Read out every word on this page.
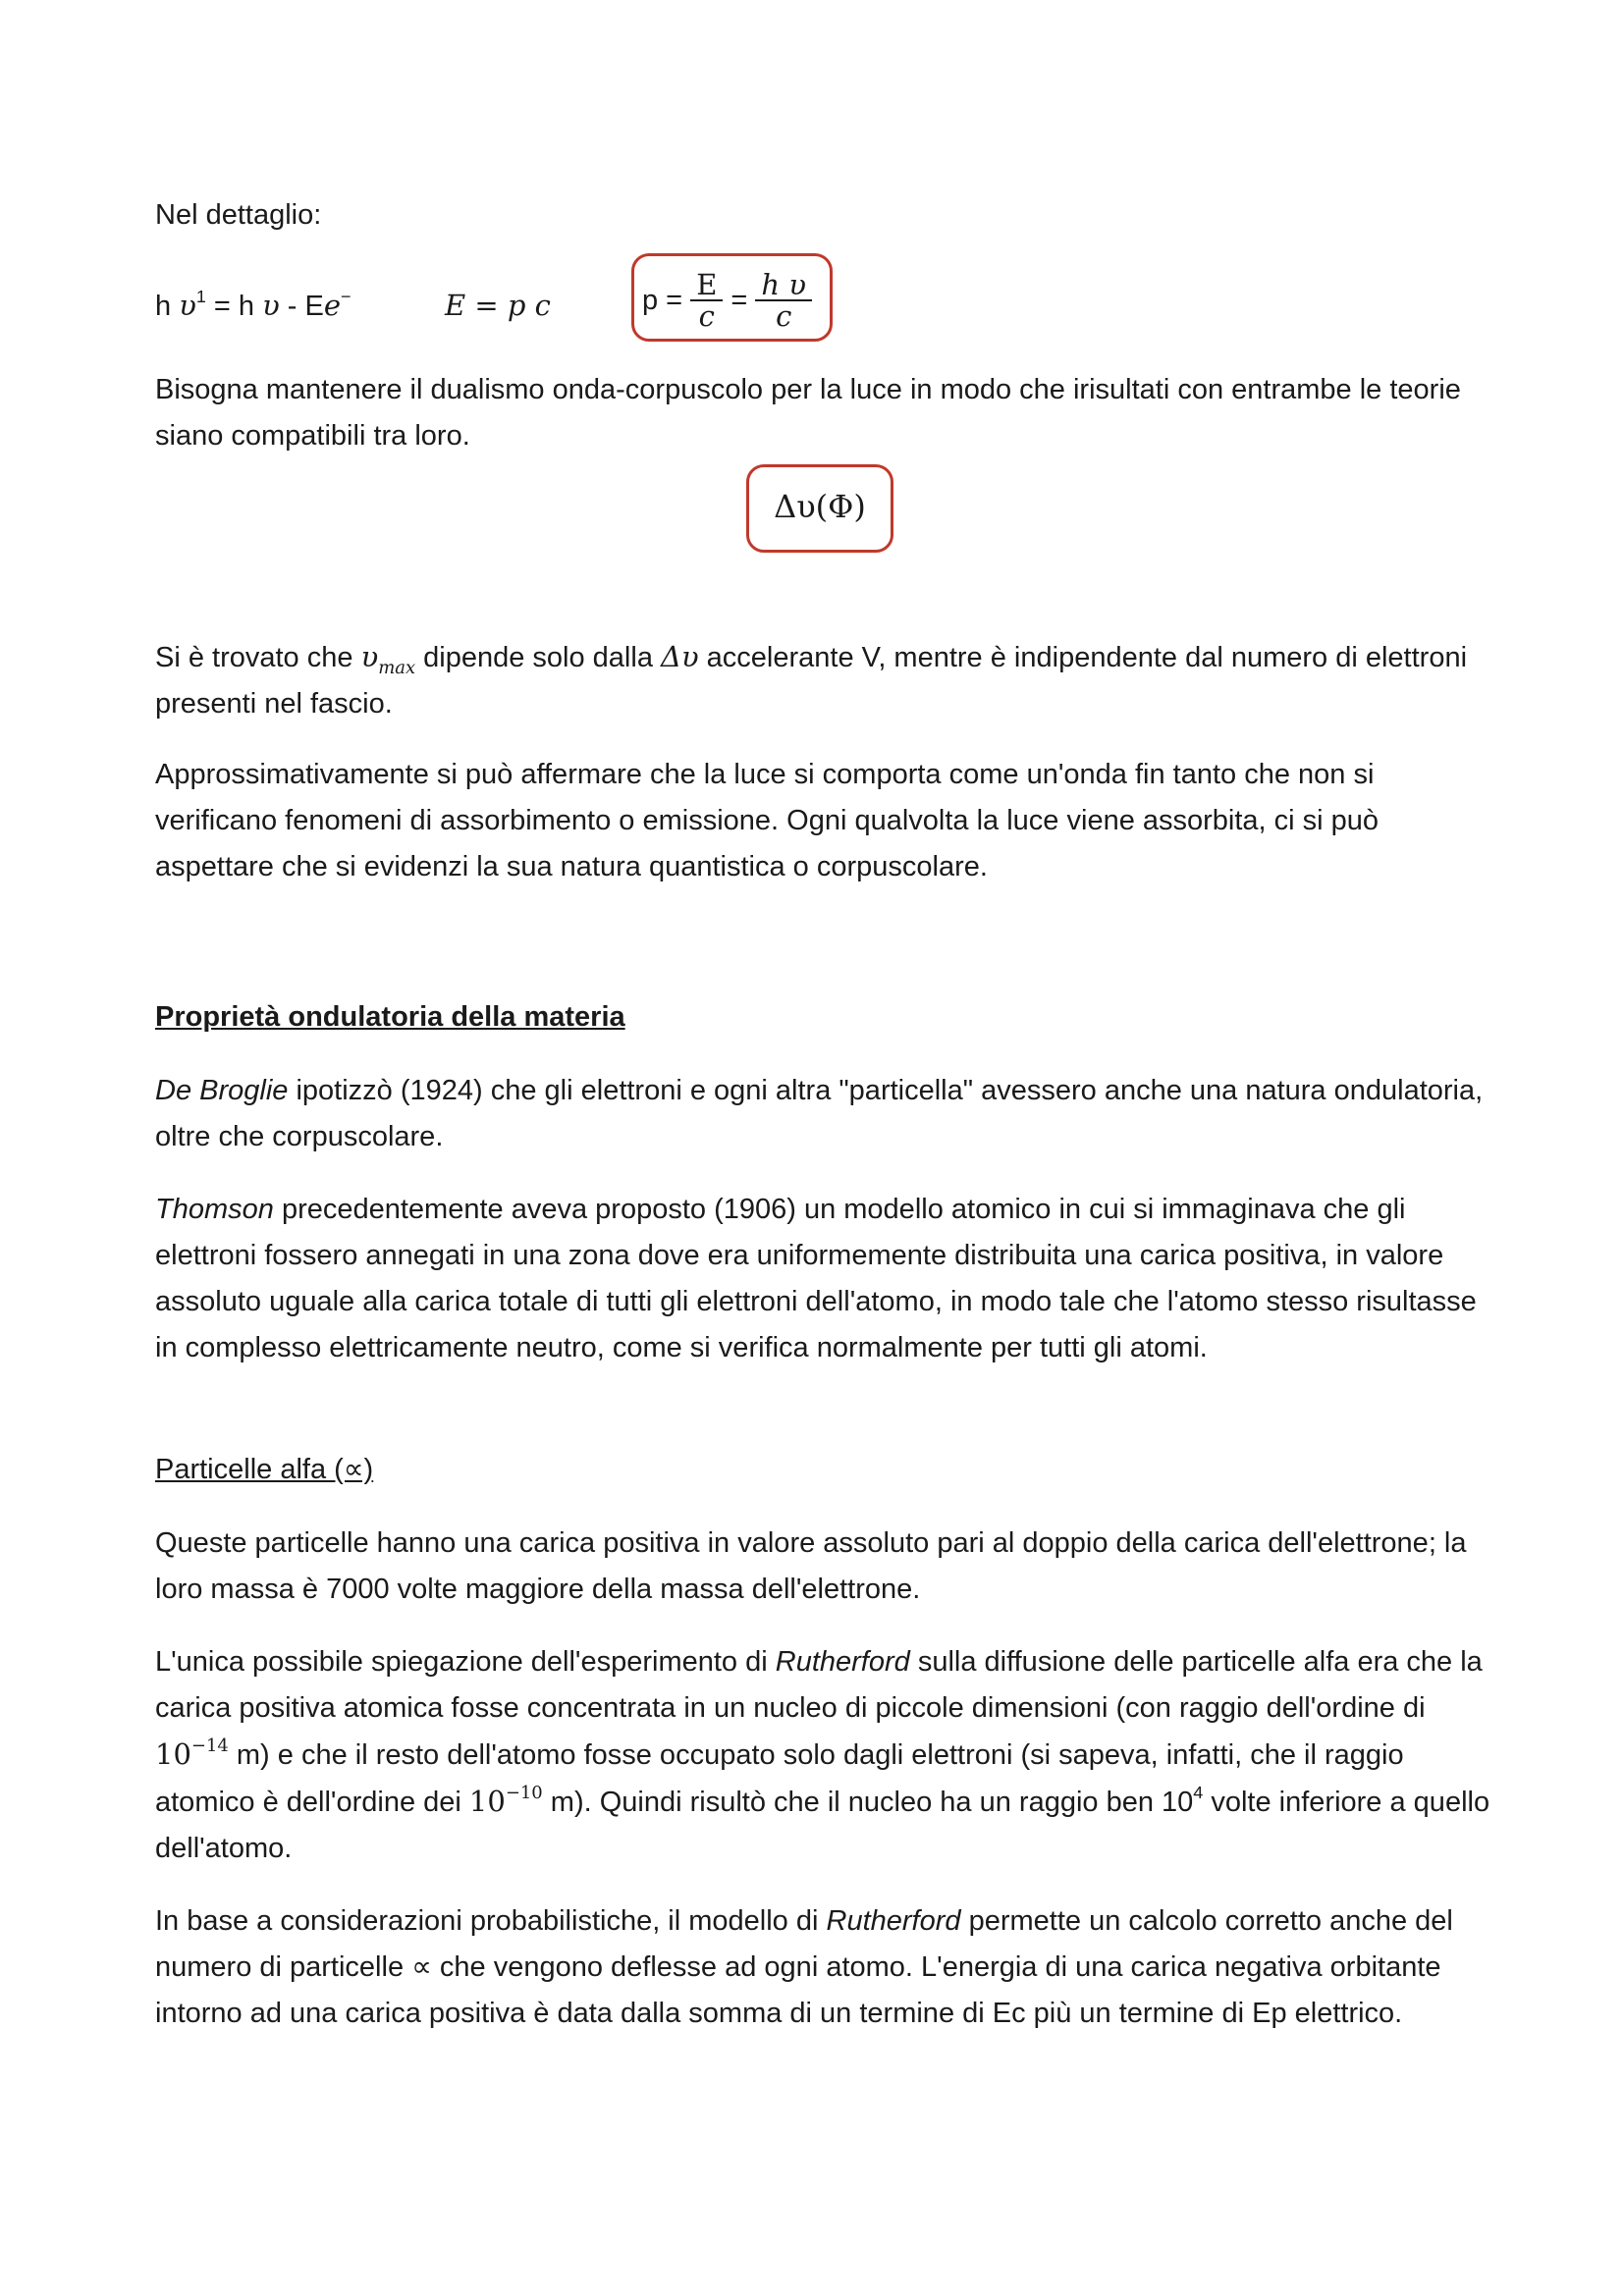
Nel dettaglio:

h $\upsilon^1 = h$ υ - Ee−	E = p c	$p = \frac{E}{c} = \frac{\text{h υ}}{c}$

Bisogna mantenere il dualismo onda-corpuscolo per la luce in modo che irisultati con entrambe le teorie siano compatibili tra loro.

Δυ(Φ)

Si è trovato che $\upsilon_{max}$ dipende solo dalla Δυ accelerante V, mentre è indipendente dal numero di elettroni presenti nel fascio.

Approssimativamente si può affermare che la luce si comporta come un'onda fin tanto che non si verificano fenomeni di assorbimento o emissione. Ogni qualvolta la luce viene assorbita, ci si può aspettare che si evidenzi la sua natura quantistica o corpuscolare.

Proprietà ondulatoria della materia

De Broglie ipotizzò (1924) che gli elettroni e ogni altra "particella" avessero anche una natura ondulatoria, oltre che corpuscolare.

Thomson precedentemente aveva proposto (1906) un modello atomico in cui si immaginava che gli elettroni fossero annegati in una zona dove era uniformemente distribuita una carica positiva, in valore assoluto uguale alla carica totale di tutti gli elettroni dell'atomo, in modo tale che l'atomo stesso risultasse in complesso elettricamente neutro, come si verifica normalmente per tutti gli atomi.

Particelle alfa (∝)

Queste particelle hanno una carica positiva in valore assoluto pari al doppio della carica dell'elettrone; la loro massa è 7000 volte maggiore della massa dell'elettrone.

L'unica possibile spiegazione dell'esperimento di Rutherford sulla diffusione delle particelle alfa era che la carica positiva atomica fosse concentrata in un nucleo di piccole dimensioni (con raggio dell'ordine di $10^{-14}$ m) e che il resto dell'atomo fosse occupato solo dagli elettroni (si sapeva, infatti, che il raggio atomico è dell'ordine dei $10^{-10}$ m). Quindi risultò che il nucleo ha un raggio ben $10^4$ volte inferiore a quello dell'atomo.

In base a considerazioni probabilistiche, il modello di Rutherford permette un calcolo corretto anche del numero di particelle ∝ che vengono deflesse ad ogni atomo. L'energia di una carica negativa orbitante intorno ad una carica positiva è data dalla somma di un termine di Ec più un termine di Ep elettrico.
